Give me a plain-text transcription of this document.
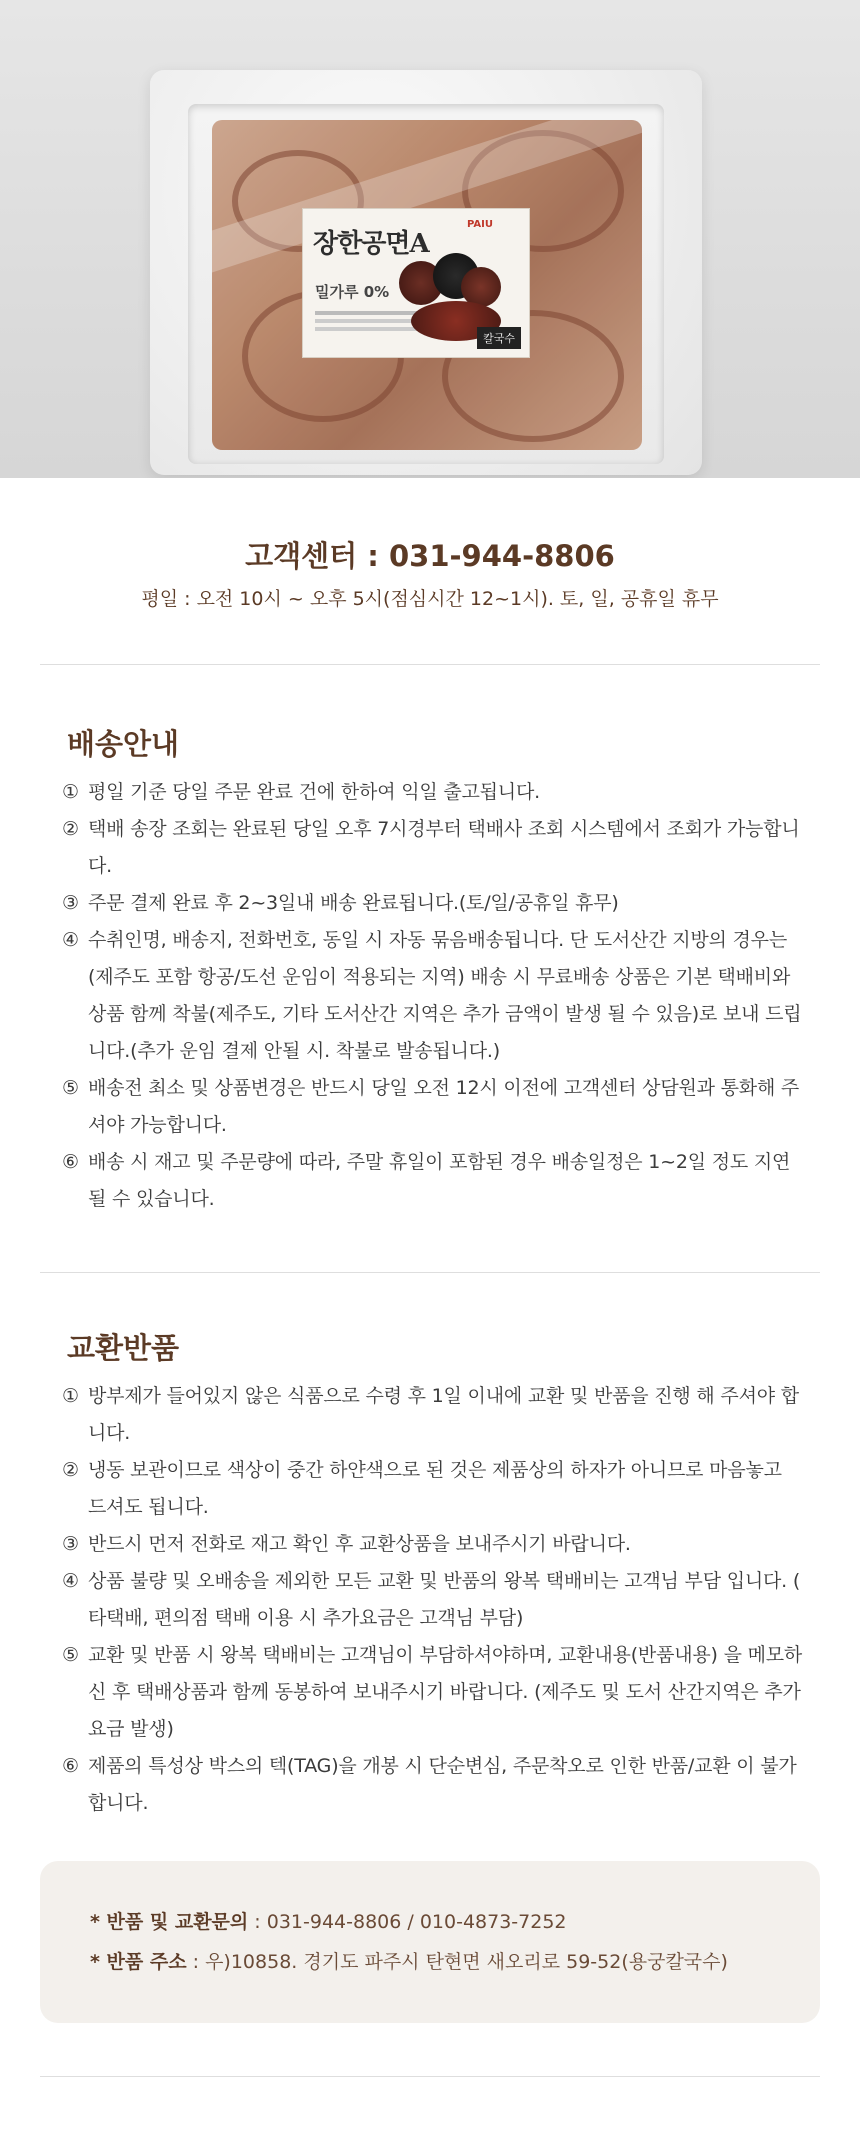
장한공면A
PAIU
밀가루 0%
칼국수
고객센터 : 031-944-8806
평일 : 오전 10시 ~ 오후 5시(점심시간 12~1시). 토, 일, 공휴일 휴무
배송안내
① 평일 기준 당일 주문 완료 건에 한하여 익일 출고됩니다.
② 택배 송장 조회는 완료된 당일 오후 7시경부터 택배사 조회 시스템에서 조회가 가능합니다.
③ 주문 결제 완료 후 2~3일내 배송 완료됩니다.(토/일/공휴일 휴무)
④ 수취인명, 배송지, 전화번호, 동일 시 자동 묶음배송됩니다. 단 도서산간 지방의 경우는(제주도 포함 항공/도선 운임이 적용되는 지역) 배송 시 무료배송 상품은 기본 택배비와 상품 함께 착불(제주도, 기타 도서산간 지역은 추가 금액이 발생 될 수 있음)로 보내 드립니다.(추가 운임 결제 안될 시. 착불로 발송됩니다.)
⑤ 배송전 최소 및 상품변경은 반드시 당일 오전 12시 이전에 고객센터 상담원과 통화해 주셔야 가능합니다.
⑥ 배송 시 재고 및 주문량에 따라, 주말 휴일이 포함된 경우 배송일정은 1~2일 정도 지연 될 수 있습니다.
교환반품
① 방부제가 들어있지 않은 식품으로 수령 후 1일 이내에 교환 및 반품을 진행 해 주셔야 합니다.
② 냉동 보관이므로 색상이 중간 하얀색으로 된 것은 제품상의 하자가 아니므로 마음놓고 드셔도 됩니다.
③ 반드시 먼저 전화로 재고 확인 후 교환상품을 보내주시기 바랍니다.
④ 상품 불량 및 오배송을 제외한 모든 교환 및 반품의 왕복 택배비는 고객님 부담 입니다. ( 타택배, 편의점 택배 이용 시 추가요금은 고객님 부담)
⑤ 교환 및 반품 시 왕복 택배비는 고객님이 부담하셔야하며, 교환내용(반품내용) 을 메모하신 후 택배상품과 함께 동봉하여 보내주시기 바랍니다. (제주도 및 도서 산간지역은 추가요금 발생)
⑥ 제품의 특성상 박스의 텍(TAG)을 개봉 시 단순변심, 주문착오로 인한 반품/교환 이 불가합니다.
* 반품 및 교환문의 : 031-944-8806 / 010-4873-7252
* 반품 주소 : 우)10858. 경기도 파주시 탄현면 새오리로 59-52(용궁칼국수)
